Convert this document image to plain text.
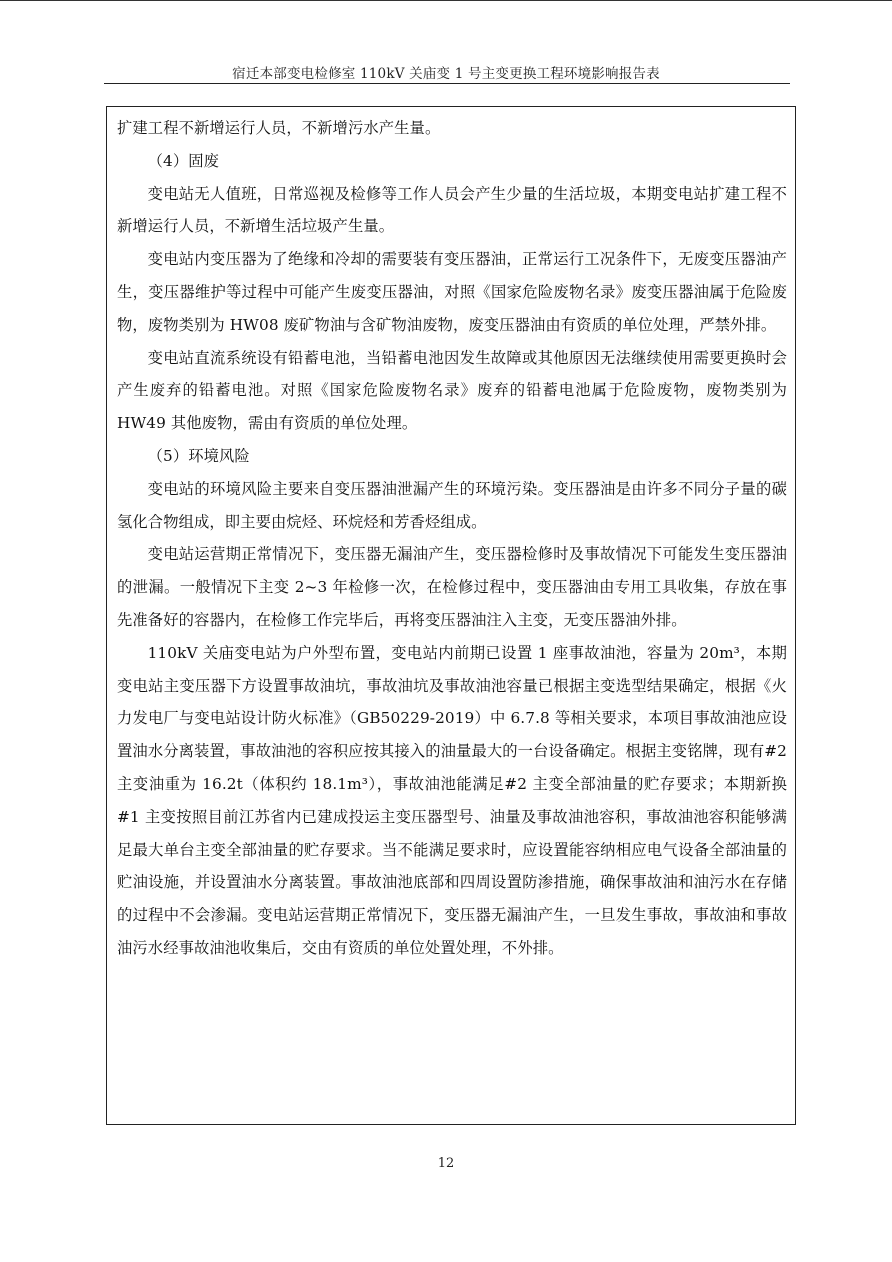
宿迁本部变电检修室 110kV 关庙变 1 号主变更换工程环境影响报告表

扩建工程不新增运行人员，不新增污水产生量。

（4）固废

变电站无人值班，日常巡视及检修等工作人员会产生少量的生活垃圾，本期变电站扩建工程不新增运行人员，不新增生活垃圾产生量。

变电站内变压器为了绝缘和冷却的需要装有变压器油，正常运行工况条件下，无废变压器油产生，变压器维护等过程中可能产生废变压器油，对照《国家危险废物名录》废变压器油属于危险废物，废物类别为 HW08 废矿物油与含矿物油废物，废变压器油由有资质的单位处理，严禁外排。

变电站直流系统设有铅蓄电池，当铅蓄电池因发生故障或其他原因无法继续使用需要更换时会产生废弃的铅蓄电池。对照《国家危险废物名录》废弃的铅蓄电池属于危险废物，废物类别为 HW49 其他废物，需由有资质的单位处理。

（5）环境风险

变电站的环境风险主要来自变压器油泄漏产生的环境污染。变压器油是由许多不同分子量的碳氢化合物组成，即主要由烷烃、环烷烃和芳香烃组成。

变电站运营期正常情况下，变压器无漏油产生，变压器检修时及事故情况下可能发生变压器油的泄漏。一般情况下主变 2~3 年检修一次，在检修过程中，变压器油由专用工具收集，存放在事先准备好的容器内，在检修工作完毕后，再将变压器油注入主变，无变压器油外排。

110kV 关庙变电站为户外型布置，变电站内前期已设置 1 座事故油池，容量为 20m³，本期变电站主变压器下方设置事故油坑，事故油坑及事故油池容量已根据主变选型结果确定，根据《火力发电厂与变电站设计防火标准》（GB50229-2019）中 6.7.8 等相关要求，本项目事故油池应设置油水分离装置，事故油池的容积应按其接入的油量最大的一台设备确定。根据主变铭牌，现有#2 主变油重为 16.2t（体积约 18.1m³），事故油池能满足#2 主变全部油量的贮存要求；本期新换#1 主变按照目前江苏省内已建成投运主变压器型号、油量及事故油池容积，事故油池容积能够满足最大单台主变全部油量的贮存要求。当不能满足要求时，应设置能容纳相应电气设备全部油量的贮油设施，并设置油水分离装置。事故油池底部和四周设置防渗措施，确保事故油和油污水在存储的过程中不会渗漏。变电站运营期正常情况下，变压器无漏油产生，一旦发生事故，事故油和事故油污水经事故油池收集后，交由有资质的单位处置处理，不外排。

12
